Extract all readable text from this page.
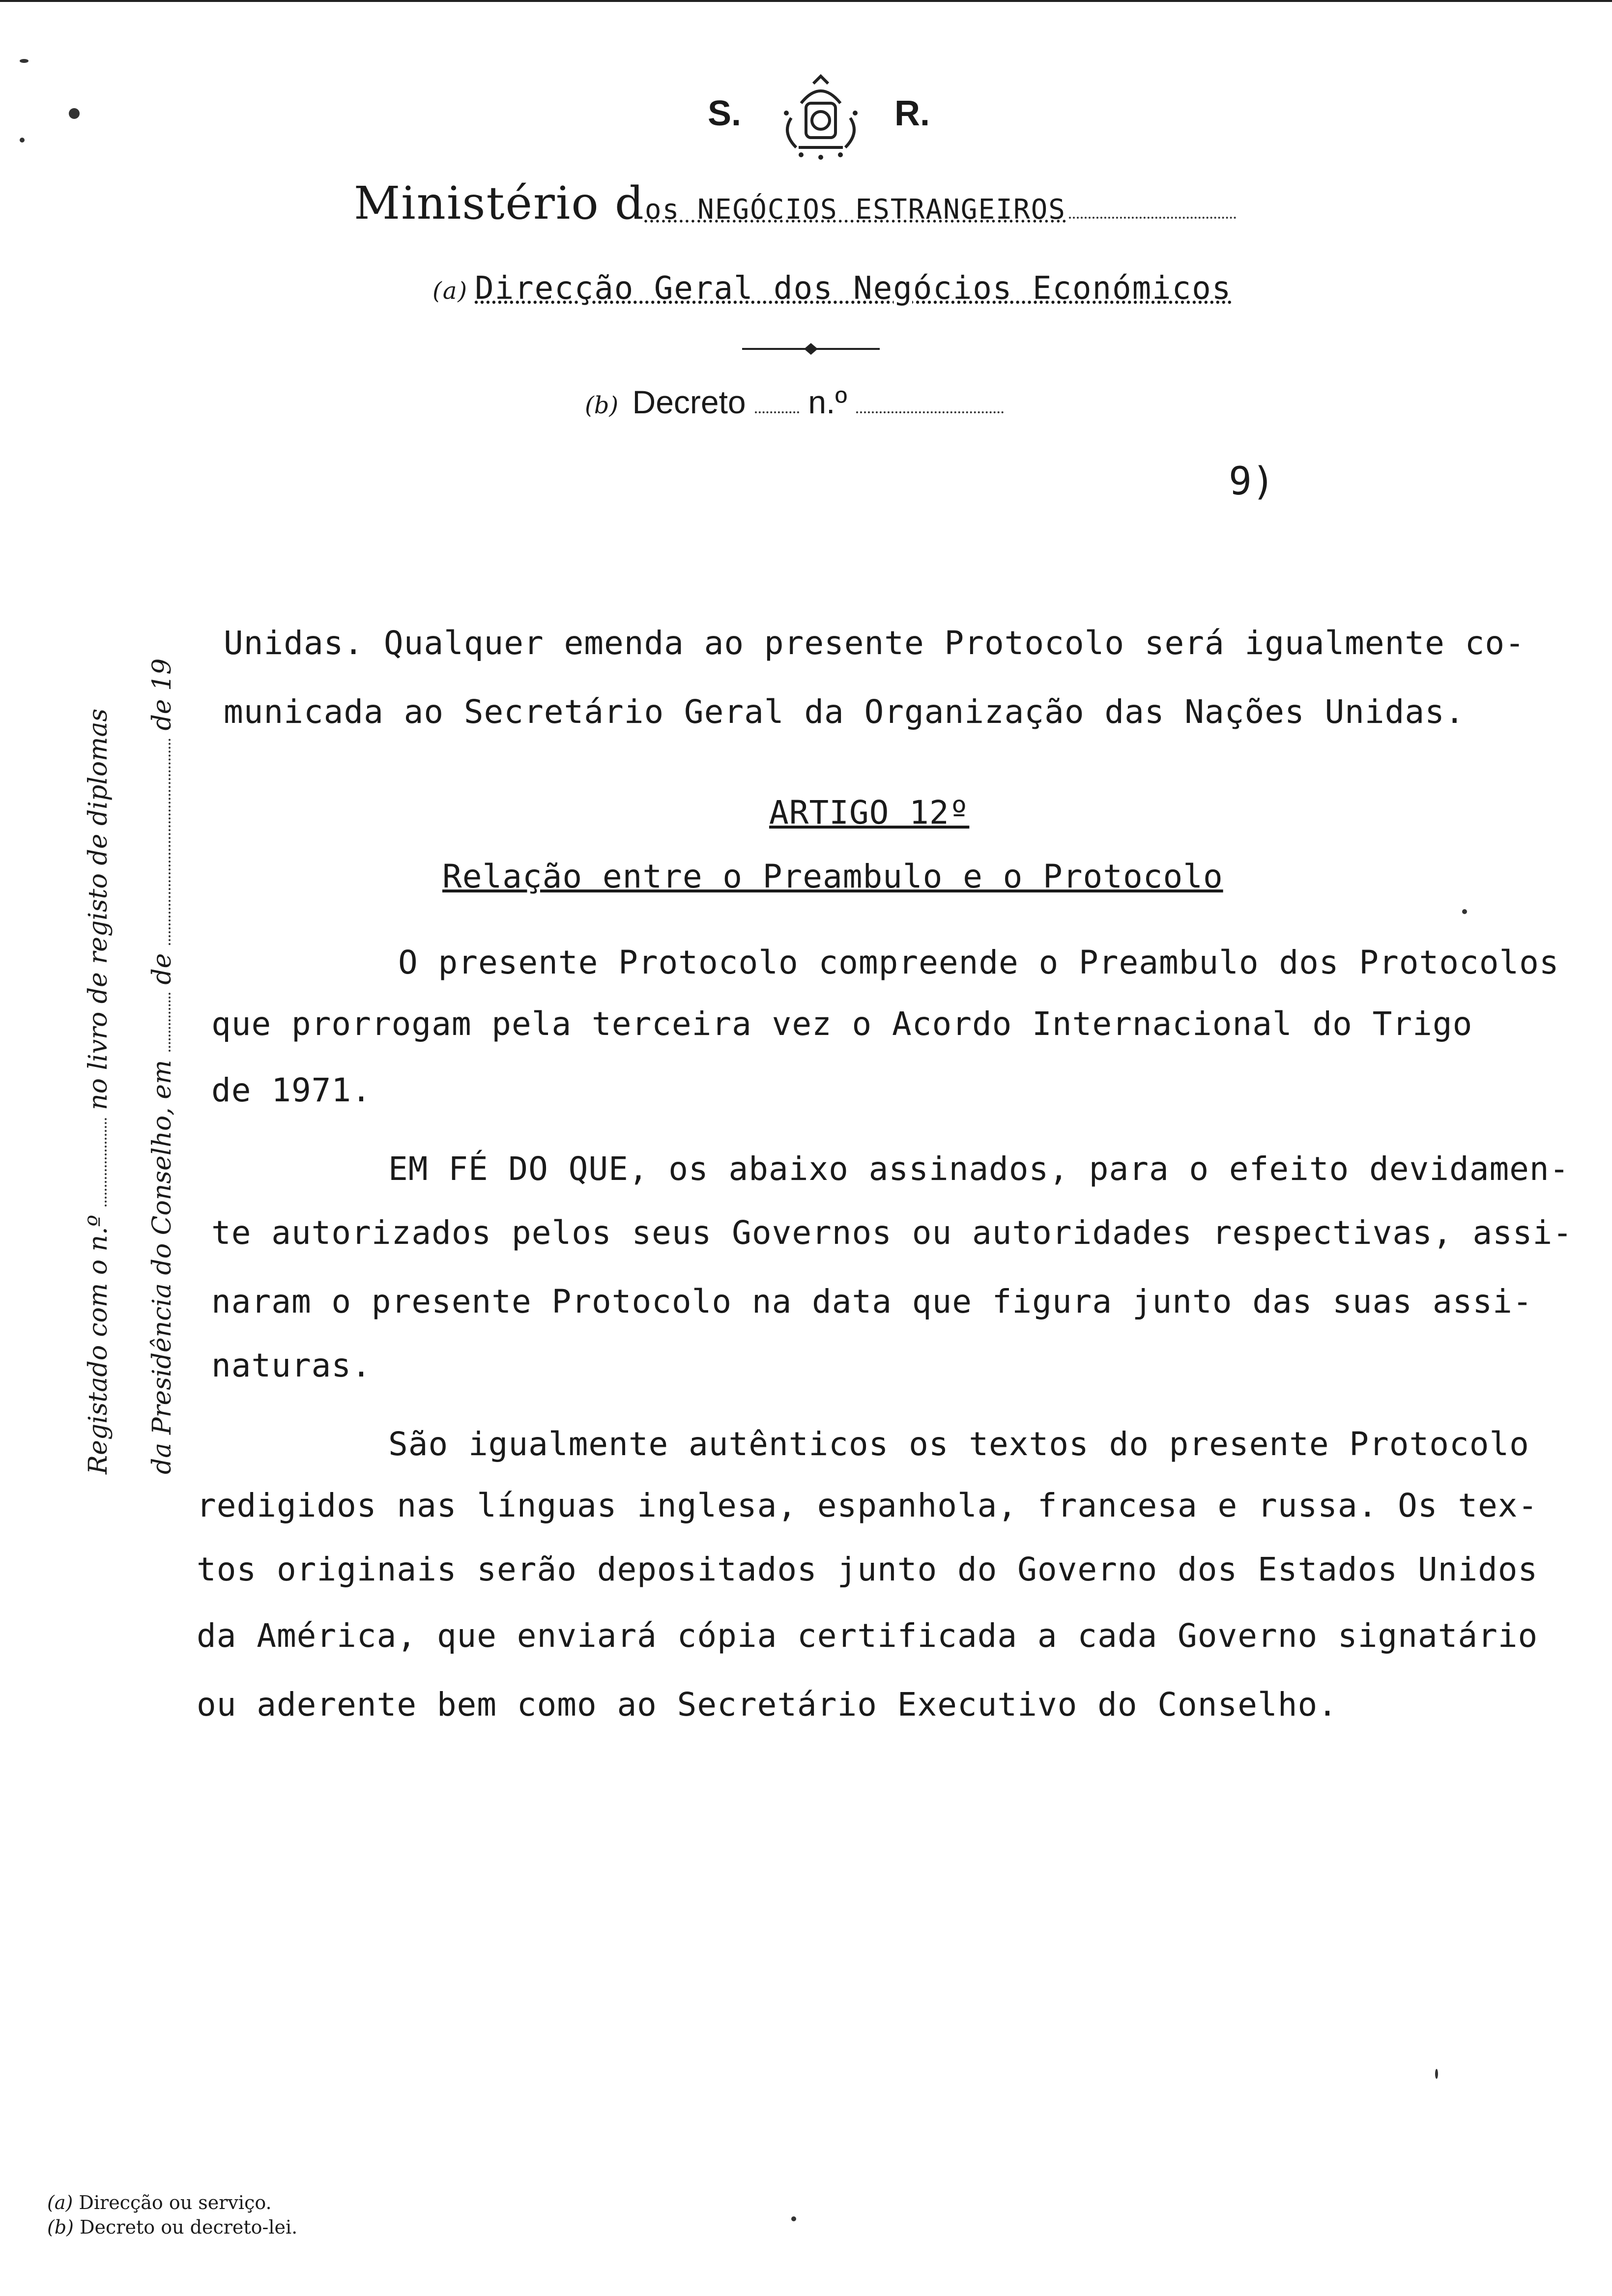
S.	R.
Ministério dos NEGÓCIOS ESTRANGEIROS
(a) Direcção Geral dos Negócios Económicos
(b) Decreto n.º
9)
Registado com o n.º  no livro de registo de diplomas
da Presidência do Conselho, em  de  de 19
Unidas. Qualquer emenda ao presente Protocolo será igualmente co-
municada ao Secretário Geral da Organização das Nações Unidas.
ARTIGO 12º
Relação entre o Preambulo e o Protocolo
O presente Protocolo compreende o Preambulo dos Protocolos
que prorrogam pela terceira vez o Acordo Internacional do Trigo
de 1971.
EM FÉ DO QUE, os abaixo assinados, para o efeito devidamen-
te autorizados pelos seus Governos ou autoridades respectivas, assi-
naram o presente Protocolo na data que figura junto das suas assi-
naturas.
São igualmente autênticos os textos do presente Protocolo
redigidos nas línguas inglesa, espanhola, francesa e russa. Os tex-
tos originais serão depositados junto do Governo dos Estados Unidos
da América, que enviará cópia certificada a cada Governo signatário
ou aderente bem como ao Secretário Executivo do Conselho.
(a) Direcção ou serviço.
(b) Decreto ou decreto-lei.
